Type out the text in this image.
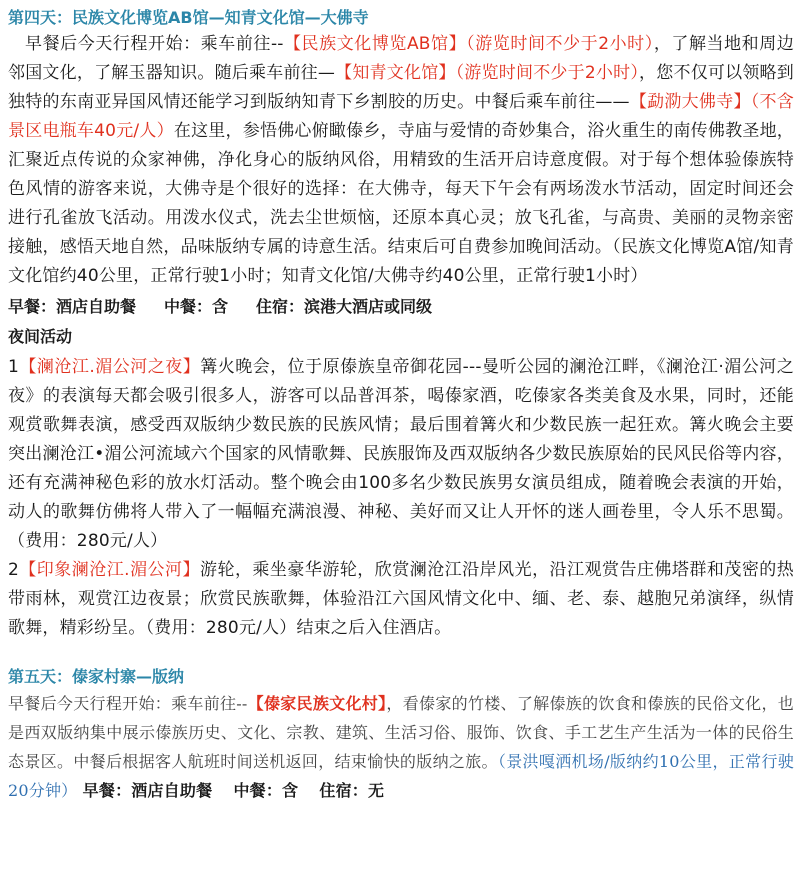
第四天：民族文化博览AB馆—知青文化馆—大佛寺

早餐后今天行程开始：乘车前往--【民族文化博览AB馆】（游览时间不少于2小时），了解当地和周边邻国文化，了解玉器知识。随后乘车前往—【知青文化馆】（游览时间不少于2小时），您不仅可以领略到独特的东南亚异国风情还能学习到版纳知青下乡割胶的历史。中餐后乘车前往——【勐泐大佛寺】（不含景区电瓶车40元/人）在这里，参悟佛心俯瞰傣乡，寺庙与爱情的奇妙集合，浴火重生的南传佛教圣地，汇聚近点传说的众家神佛，净化身心的版纳风俗，用精致的生活开启诗意度假。对于每个想体验傣族特色风情的游客来说，大佛寺是个很好的选择：在大佛寺，每天下午会有两场泼水节活动，固定时间还会进行孔雀放飞活动。用泼水仪式，洗去尘世烦恼，还原本真心灵；放飞孔雀，与高贵、美丽的灵物亲密接触，感悟天地自然，品味版纳专属的诗意生活。结束后可自费参加晚间活动。（民族文化博览A馆/知青文化馆约40公里，正常行驶1小时；知青文化馆/大佛寺约40公里，正常行驶1小时）

早餐：酒店自助餐 中餐：含 住宿：滨港大酒店或同级

夜间活动

1【澜沧江.湄公河之夜】篝火晚会，位于原傣族皇帝御花园---曼听公园的澜沧江畔，《澜沧江·湄公河之夜》的表演每天都会吸引很多人，游客可以品普洱茶，喝傣家酒，吃傣家各类美食及水果，同时，还能观赏歌舞表演，感受西双版纳少数民族的民族风情；最后围着篝火和少数民族一起狂欢。篝火晚会主要突出澜沧江•湄公河流域六个国家的风情歌舞、民族服饰及西双版纳各少数民族原始的民风民俗等内容，还有充满神秘色彩的放水灯活动。整个晚会由100多名少数民族男女演员组成，随着晚会表演的开始，动人的歌舞仿佛将人带入了一幅幅充满浪漫、神秘、美好而又让人开怀的迷人画卷里，令人乐不思蜀。（费用：280元/人）

2【印象澜沧江.湄公河】游轮，乘坐豪华游轮，欣赏澜沧江沿岸风光，沿江观赏告庄佛塔群和茂密的热带雨林，观赏江边夜景；欣赏民族歌舞，体验沿江六国风情文化中、缅、老、泰、越胞兄弟演绎，纵情歌舞，精彩纷呈。（费用：280元/人）结束之后入住酒店。

第五天：傣家村寨—版纳

早餐后今天行程开始：乘车前往--【傣家民族文化村】，看傣家的竹楼、了解傣族的饮食和傣族的民俗文化，也是西双版纳集中展示傣族历史、文化、宗教、建筑、生活习俗、服饰、饮食、手工艺生产生活为一体的民俗生态景区。中餐后根据客人航班时间送机返回，结束愉快的版纳之旅。（景洪嘎洒机场/版纳约10公里，正常行驶20分钟） 早餐：酒店自助餐 中餐：含 住宿：无
